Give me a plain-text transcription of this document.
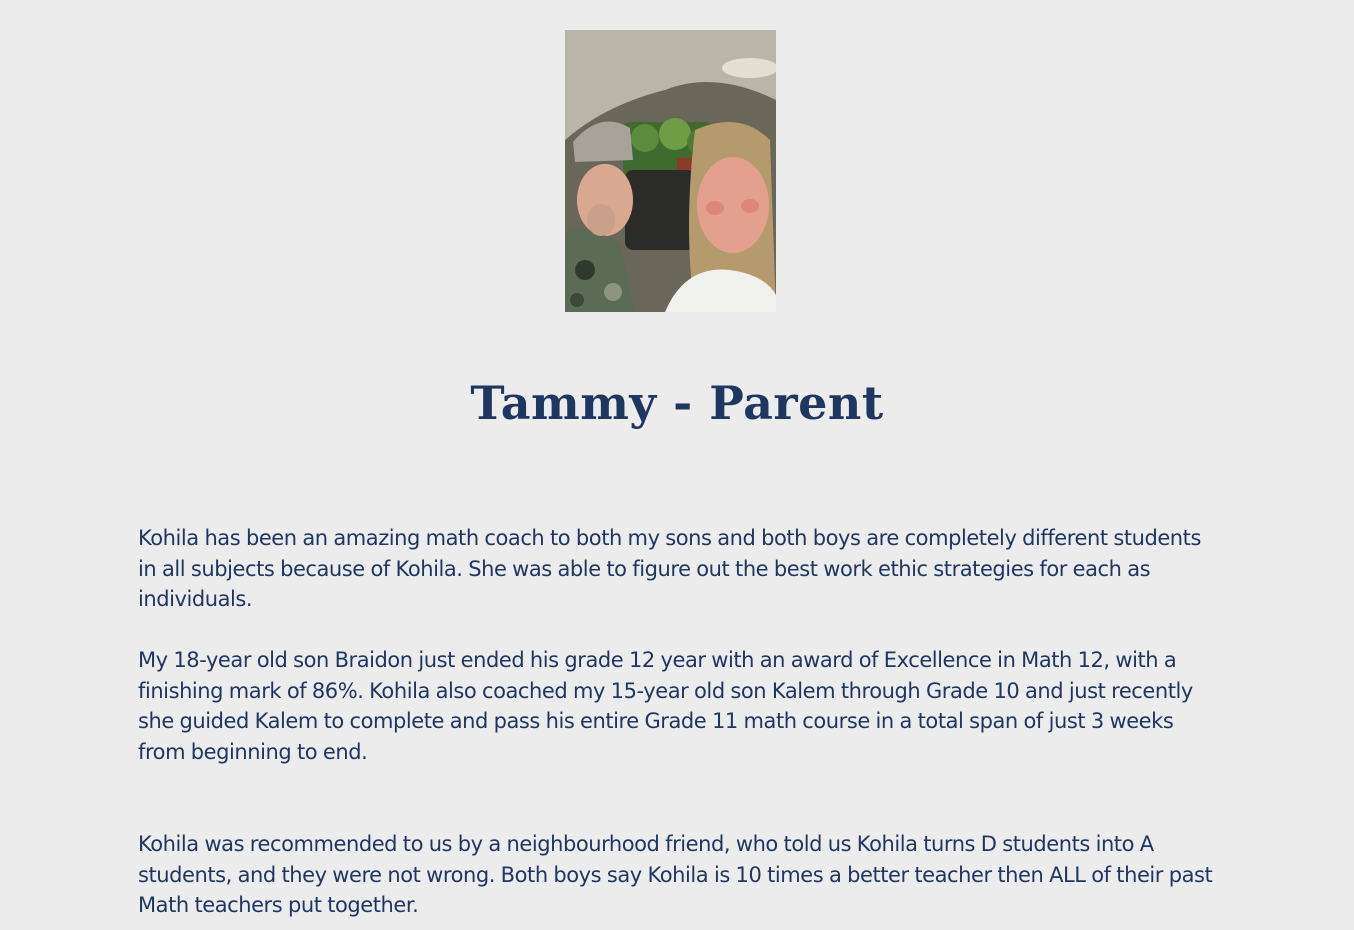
Tammy - Parent

Kohila has been an amazing math coach to both my sons and both boys are completely different students in all subjects because of Kohila. She was able to figure out the best work ethic strategies for each as individuals.

My 18-year old son Braidon just ended his grade 12 year with an award of Excellence in Math 12, with a finishing mark of 86%. Kohila also coached my 15-year old son Kalem through Grade 10 and just recently she guided Kalem to complete and pass his entire Grade 11 math course in a total span of just 3 weeks from beginning to end.

Kohila was recommended to us by a neighbourhood friend, who told us Kohila turns D students into A students, and they were not wrong. Both boys say Kohila is 10 times a better teacher then ALL of their past Math teachers put together.
